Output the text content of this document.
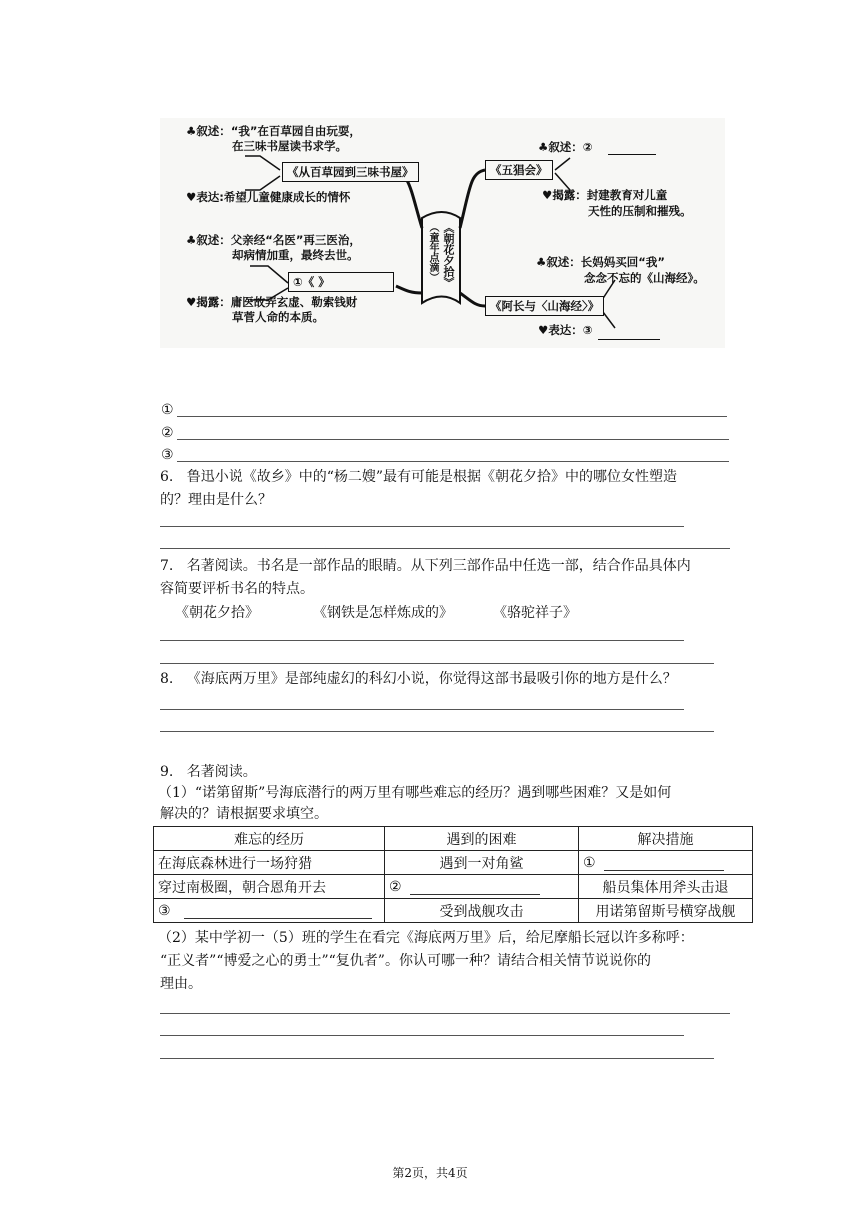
♣叙述：“我”在百草园自由玩耍，
在三味书屋读书求学。
《从百草园到三味书屋》
♥表达:希望儿童健康成长的情怀
♣叙述：父亲经“名医”再三医治，
却病情加重，最终去世。
①《 》
♥揭露：庸医故弄玄虚、勒索钱财
草菅人命的本质。
《朝花夕拾》
（童年点滴）
♣叙述：②
《五猖会》
♥揭露：封建教育对儿童
天性的压制和摧残。
♣叙述：长妈妈买回“我”
念念不忘的《山海经》。
《阿长与〈山海经〉》
♥表达：③
①
②
③
6. 鲁迅小说《故乡》中的“杨二嫂”最有可能是根据《朝花夕拾》中的哪位女性塑造
的？理由是什么？
7. 名著阅读。书名是一部作品的眼睛。从下列三部作品中任选一部，结合作品具体内
容简要评析书名的特点。
《朝花夕拾》	《钢铁是怎样炼成的》	《骆驼祥子》
8. 《海底两万里》是部纯虚幻的科幻小说，你觉得这部书最吸引你的地方是什么？
9. 名著阅读。
（1）“诺第留斯”号海底潜行的两万里有哪些难忘的经历？遇到哪些困难？又是如何
解决的？请根据要求填空。
难忘的经历	遇到的困难	解决措施
在海底森林进行一场狩猎	遇到一对角鲨	①
穿过南极圈，朝合恩角开去	②	船员集体用斧头击退
③	受到战舰攻击	用诺第留斯号横穿战舰
（2）某中学初一（5）班的学生在看完《海底两万里》后，给尼摩船长冠以许多称呼：
“正义者”“博爱之心的勇士”“复仇者”。你认可哪一种？请结合相关情节说说你的
理由。
第2页，共4页
